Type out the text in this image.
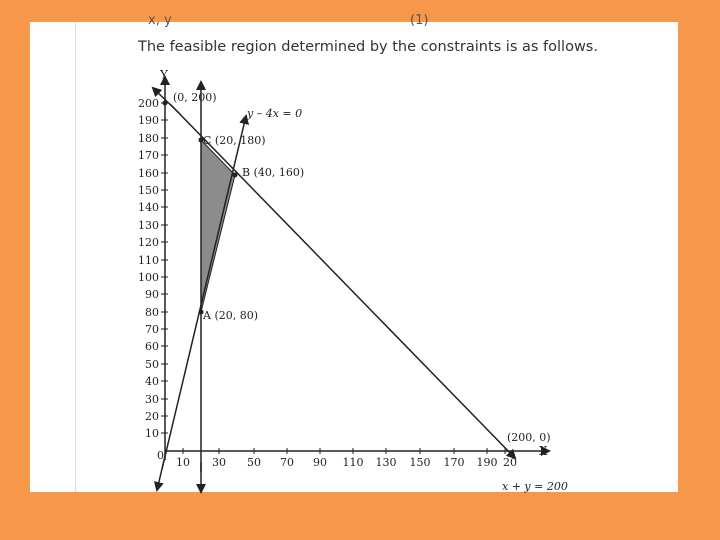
x, y	(1)
The feasible region determined by the constraints is as follows.
200
190
180
170
160
150
140
130
120
110
100
90
80
70
60
50
40
30
20
10
10 30 50 70 90 110 130 150 170 190 20
Y
X
0
(0, 200)
C (20, 180)
B (40, 160)
A (20, 80)
(200, 0)
y – 4x = 0
x + y = 200
